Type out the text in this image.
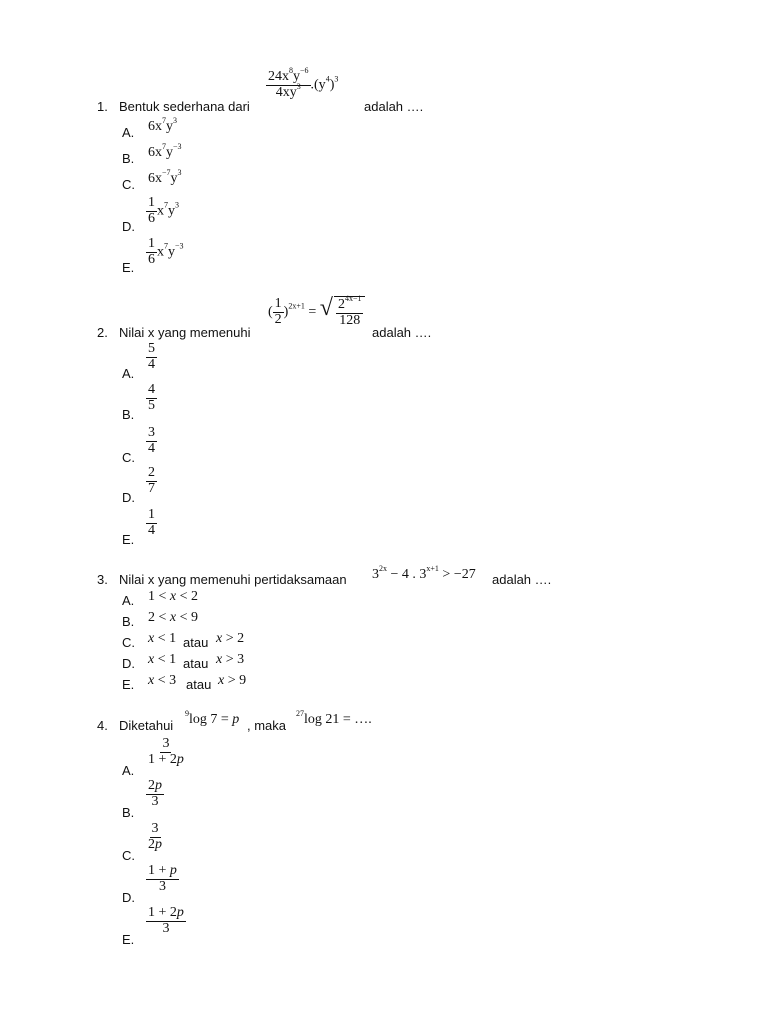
1. Bentuk sederhana dari
$\frac{24x^8y^{-6}}{4xy^3} .(y^4)^3$
adalah ….
A. $6x^7y^3$
B. $6x^7y^{-3}$
C. $6x^{-7}y^3$
D.
$\frac{1}{6} x^7y^3$
E.
$\frac{1}{6} x^7y^{-3}$
2. Nilai x yang memenuhi
( $\frac{1}{2} )^{2x+1}$ = √ $\frac{2^{4x-1}}{128}$
adalah ….
A.
$\frac{5}{4}$
B.
$\frac{4}{5}$
C.
$\frac{3}{4}$
D.
$\frac{2}{7}$
E.
$\frac{1}{4}$
3. Nilai x yang memenuhi pertidaksamaan $3^{2x} - 4$ . $3^{x+1} > -27$ adalah ….
A. 1 < x < 2
B. 2 < x < 9
C. x < 1 atau x > 2
D. x < 1 atau x > 3
E. x < 3 atau x > 9
4. Diketahui
$^9$log 7 = p , maka
$^{27}$log 21 = ….
A.
$\frac{3}{1 + 2p}$
B.
$\frac{2p}{3}$
C.
$\frac{3}{2p}$
D.
$\frac{1 + p}{3}$
E.
$\frac{1 + 2p}{3}$
